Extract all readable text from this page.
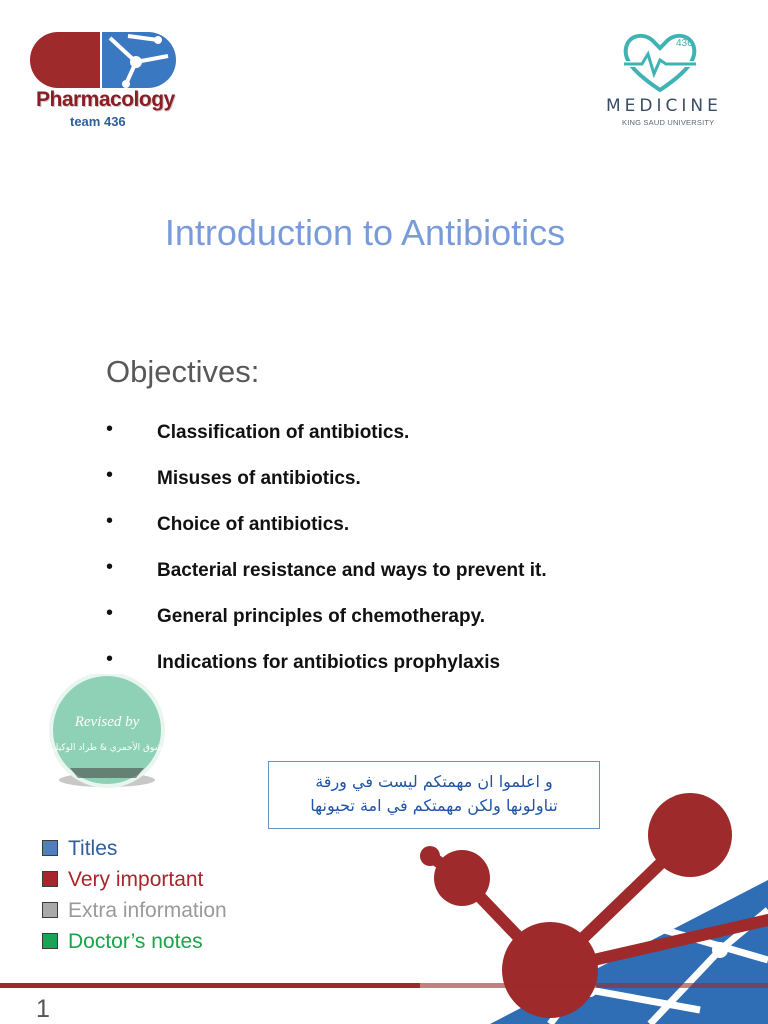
Pharmacology
team 436
436
MEDICINE
KING SAUD UNIVERSITY
Introduction to Antibiotics
Objectives:
• Classification of antibiotics.
• Misuses of antibiotics.
• Choice of antibiotics.
• Bacterial resistance and ways to prevent it.
• General principles of chemotherapy.
• Indications for antibiotics prophylaxis
Revised by
شوق الأحمري & طراد الوكيل
و اعلموا ان مهمتكم ليست في ورقة
تناولونها ولكن مهمتكم في امة تحيونها
Titles
Very important
Extra information
Doctor’s notes
1
